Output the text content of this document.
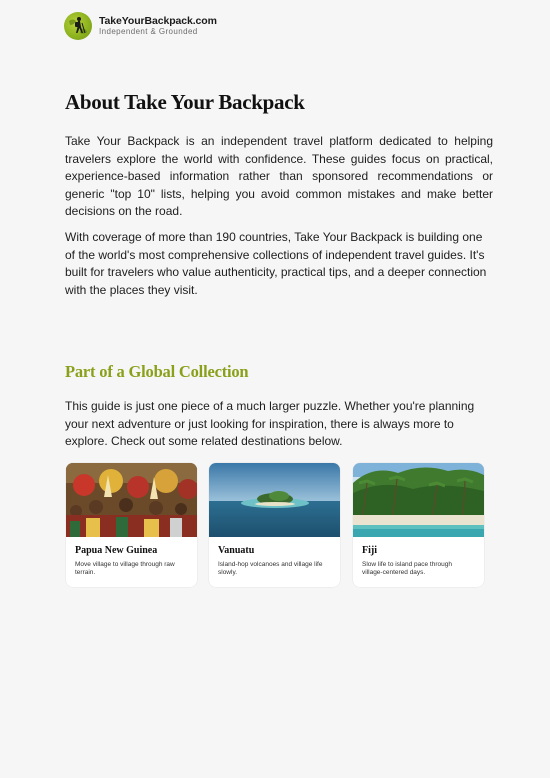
TakeYourBackpack.com
Independent & Grounded
About Take Your Backpack

Take Your Backpack is an independent travel platform dedicated to helping travelers explore the world with confidence. These guides focus on practical, experience-based information rather than sponsored recommendations or generic "top 10" lists, helping you avoid common mistakes and make better decisions on the road.

With coverage of more than 190 countries, Take Your Backpack is building one of the world's most comprehensive collections of independent travel guides. It's built for travelers who value authenticity, practical tips, and a deeper connection with the places they visit.

Part of a Global Collection

This guide is just one piece of a much larger puzzle. Whether you're planning your next adventure or just looking for inspiration, there is always more to explore. Check out some related destinations below.

Papua New Guinea
Move village to village through raw terrain.
Vanuatu
Island-hop volcanoes and village life slowly.
Fiji
Slow life to island pace through village-centered days.
